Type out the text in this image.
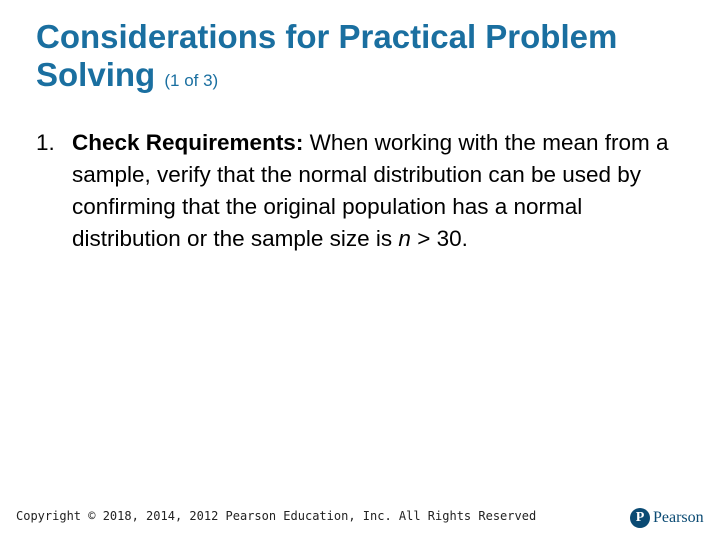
Considerations for Practical Problem Solving (1 of 3)
1. Check Requirements: When working with the mean from a sample, verify that the normal distribution can be used by confirming that the original population has a normal distribution or the sample size is n > 30.
Copyright © 2018, 2014, 2012 Pearson Education, Inc. All Rights Reserved	P Pearson
